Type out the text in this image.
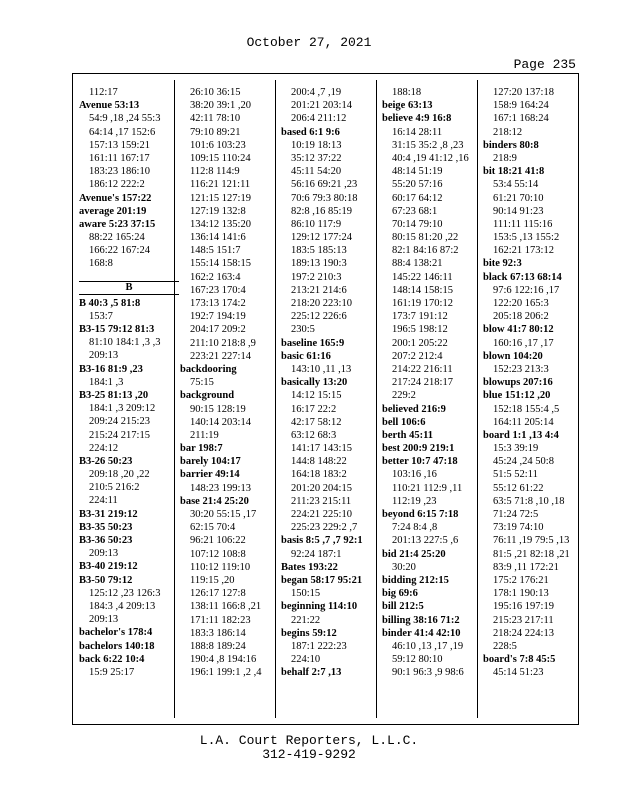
October 27, 2021
Page 235
112:17
Avenue 53:13
54:9 ,18 ,24 55:3
64:14 ,17 152:6
157:13 159:21
161:11 167:17
183:23 186:10
186:12 222:2
Avenue's 157:22
average 201:19
aware 5:23 37:15
88:22 165:24
166:22 167:24
168:8
B
B 40:3 ,5 81:8
153:7
B3-15 79:12 81:3
81:10 184:1 ,3 ,3
209:13
B3-16 81:9 ,23
184:1 ,3
B3-25 81:13 ,20
184:1 ,3 209:12
209:24 215:23
215:24 217:15
224:12
B3-26 50:23
209:18 ,20 ,22
210:5 216:2
224:11
B3-31 219:12
B3-35 50:23
B3-36 50:23
209:13
B3-40 219:12
B3-50 79:12
125:12 ,23 126:3
184:3 ,4 209:13
209:13
bachelor's 178:4
bachelors 140:18
back 6:22 10:4
15:9 25:17
26:10 36:15
38:20 39:1 ,20
42:11 78:10
79:10 89:21
101:6 103:23
109:15 110:24
112:8 114:9
116:21 121:11
121:15 127:19
127:19 132:8
134:12 135:20
136:14 141:6
148:5 151:7
155:14 158:15
162:2 163:4
167:23 170:4
173:13 174:2
192:7 194:19
204:17 209:2
211:10 218:8 ,9
223:21 227:14
backdooring
75:15
background
90:15 128:19
140:14 203:14
211:19
bar 198:7
barely 104:17
barrier 49:14
148:23 199:13
base 21:4 25:20
30:20 55:15 ,17
62:15 70:4
96:21 106:22
107:12 108:8
110:12 119:10
119:15 ,20
126:17 127:8
138:11 166:8 ,21
171:11 182:23
183:3 186:14
188:8 189:24
190:4 ,8 194:16
196:1 199:1 ,2 ,4
200:4 ,7 ,19
201:21 203:14
206:4 211:12
based 6:1 9:6
10:19 18:13
35:12 37:22
45:11 54:20
56:16 69:21 ,23
70:6 79:3 80:18
82:8 ,16 85:19
86:10 117:9
129:12 177:24
183:5 185:13
189:13 190:3
197:2 210:3
213:21 214:6
218:20 223:10
225:12 226:6
230:5
baseline 165:9
basic 61:16
143:10 ,11 ,13
basically 13:20
14:12 15:15
16:17 22:2
42:17 58:12
63:12 68:3
141:17 143:15
144:8 148:22
164:18 183:2
201:20 204:15
211:23 215:11
224:21 225:10
225:23 229:2 ,7
basis 8:5 ,7 ,7 92:1
92:24 187:1
Bates 193:22
began 58:17 95:21
150:15
beginning 114:10
221:22
begins 59:12
187:1 222:23
224:10
behalf 2:7 ,13
188:18
beige 63:13
believe 4:9 16:8
16:14 28:11
31:15 35:2 ,8 ,23
40:4 ,19 41:12 ,16
48:14 51:19
55:20 57:16
60:17 64:12
67:23 68:1
70:14 79:10
80:15 81:20 ,22
82:1 84:16 87:2
88:4 138:21
145:22 146:11
148:14 158:15
161:19 170:12
173:7 191:12
196:5 198:12
200:1 205:22
207:2 212:4
214:22 216:11
217:24 218:17
229:2
believed 216:9
bell 106:6
berth 45:11
best 200:9 219:1
better 10:7 47:18
103:16 ,16
110:21 112:9 ,11
112:19 ,23
beyond 6:15 7:18
7:24 8:4 ,8
201:13 227:5 ,6
bid 21:4 25:20
30:20
bidding 212:15
big 69:6
bill 212:5
billing 38:16 71:2
binder 41:4 42:10
46:10 ,13 ,17 ,19
59:12 80:10
90:1 96:3 ,9 98:6
127:20 137:18
158:9 164:24
167:1 168:24
218:12
binders 80:8
218:9
bit 18:21 41:8
53:4 55:14
61:21 70:10
90:14 91:23
111:11 115:16
153:5 ,13 155:2
162:21 173:12
bite 92:3
black 67:13 68:14
97:6 122:16 ,17
122:20 165:3
205:18 206:2
blow 41:7 80:12
160:16 ,17 ,17
blown 104:20
152:23 213:3
blowups 207:16
blue 151:12 ,20
152:18 155:4 ,5
164:11 205:14
board 1:1 ,13 4:4
15:3 39:19
45:24 ,24 50:8
51:5 52:11
55:12 61:22
63:5 71:8 ,10 ,18
71:24 72:5
73:19 74:10
76:11 ,19 79:5 ,13
81:5 ,21 82:18 ,21
83:9 ,11 172:21
175:2 176:21
178:1 190:13
195:16 197:19
215:23 217:11
218:24 224:13
228:5
board's 7:8 45:5
45:14 51:23
L.A. Court Reporters, L.L.C.
312-419-9292
